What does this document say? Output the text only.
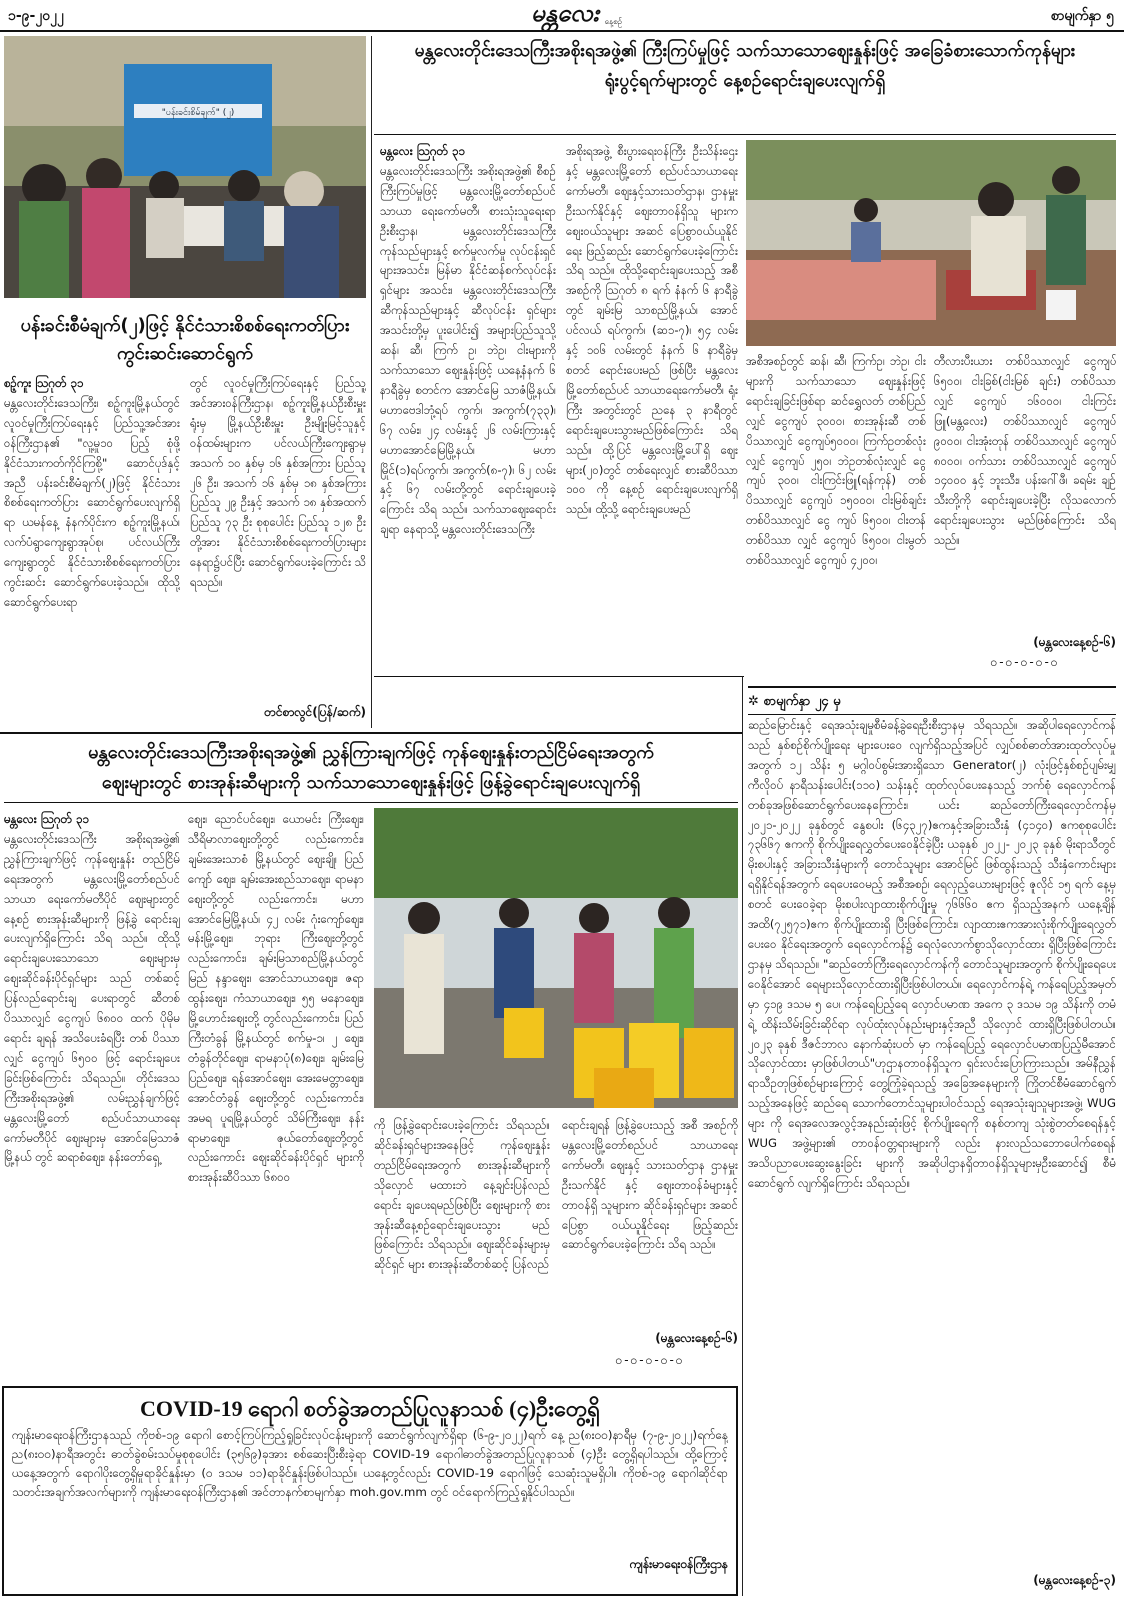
၁-၉-၂၀၂၂	မန္တလေး နေ့စဉ်	စာမျက်နှာ ၅
"ပန်းခင်းစိမ်ချက်" (၂)
ပန်းခင်းစီမံချက်(၂)ဖြင့် နိုင်ငံသားစိစစ်ရေးကတ်ပြား
ကွင်းဆင်းဆောင်ရွက်
စဉ့်ကူး ဩဂုတ် ၃၁
မန္တလေးတိုင်းဒေသကြီး၊ စဉ့်ကူးမြို့နယ်တွင် လူဝင်မှုကြီးကြပ်ရေးနှင့် ပြည်သူ့အင်အားဝန်ကြီးဌာန၏ "လူ့မှု၁၀ ပြည့် စုံဖို့ နိုင်ငံသားကတ်ကိုင်ကြစို့" ဆောင်ပုဒ်နှင့်အညီ ပန်းခင်းစီမံချက်(၂)ဖြင့် နိုင်ငံသားစိစစ်ရေးကတ်ပြား ဆောင်ရွက်ပေးလျက်ရှိရာ ယမန်နေ့ နံနက်ပိုင်းက စဉ့်ကူးမြို့နယ်၊ လက်ပံရွာကျေးရွာအုပ်စု၊ ပင်လယ်ကြီးကျေးရွာတွင် နိုင်ငံသားစိစစ်ရေးကတ်ပြား ကွင်းဆင်း ဆောင်ရွက်ပေးခဲ့သည်။ ထိုသို့ ဆောင်ရွက်ပေးရာ
တွင် လူဝင်မှုကြီးကြပ်ရေးနှင့် ပြည်သူ့အင်အားဝန်ကြီးဌာန၊ စဉ့်ကူးမြို့နယ်ဦးစီးမှူးရုံးမှ မြို့နယ်ဦးစီးမှူး ဦးမျိုးမြင့်သူနှင့် ဝန်ထမ်းများက ပင်လယ်ကြီးကျေးရွာမှ အသက် ၁၀ နှစ်မှ ၁၆ နှစ်အကြား ပြည်သူ ၂၆ ဦး၊ အသက် ၁၆ နှစ်မှ ၁၈ နှစ်အကြား ပြည်သူ ၂၉ ဦးနှင့် အသက် ၁၈ နှစ်အထက် ပြည်သူ ၇၃ ဦး စုစုပေါင်း ပြည်သူ ၁၂၈ ဦးတို့အား နိုင်ငံသားစိစစ်ရေးကတ်ပြားများ နေရာ၌ပင်ပြီး ဆောင်ရွက်ပေးခဲ့ကြောင်း သိရသည်။
တင်စာလွင်(ပြန်/ဆက်)
မန္တလေးတိုင်းဒေသကြီးအစိုးရအဖွဲ့၏ ကြီးကြပ်မှုဖြင့် သက်သာသောဈေးနှုန်းဖြင့် အခြေခံစားသောက်ကုန်များ
ရုံးပွင့်ရက်များတွင် နေ့စဉ်ရောင်းချပေးလျက်ရှိ
မန္တလေး ဩဂုတ် ၃၁
မန္တလေးတိုင်းဒေသကြီး အစိုးရအဖွဲ့၏ စီစဉ်ကြီးကြပ်မှုဖြင့် မန္တလေးမြို့တော်စည်ပင်သာယာ ရေးကော်မတီ၊ စားသုံးသူရေးရာ ဦးစီးဌာန၊ မန္တလေးတိုင်းဒေသကြီး ကုန်သည်များနှင့် စက်မှုလက်မှု လုပ်ငန်းရှင်များအသင်း၊ မြန်မာ နိုင်ငံဆန်စက်လုပ်ငန်းရှင်များ အသင်း၊ မန္တလေးတိုင်းဒေသကြီး ဆီကုန်သည်များနှင့် ဆီလုပ်ငန်း ရှင်များအသင်းတို့မှ ပူးပေါင်း၍ အများပြည်သူသို့ ဆန်၊ ဆီ၊ ကြက် ဥ၊ ဘဲဥ၊ ငါးများကို သက်သာသော ဈေးနှုန်းဖြင့် ယနေ့နံနက် ၆ နာရီခွဲမှ စတင်က အောင်မြေ သာဇံမြို့နယ်၊ မဟာဗေဒါဘုံ့ရပ် ကွက်၊ အကွက်(၇၃၃)၊ ၆၇ လမ်း၊ ၂၄ လမ်းနှင့် ၂၆ လမ်းကြားနှင့် မဟာအောင်မြေမြို့နယ်၊ မဟာ မြိုင်(၁)ရပ်ကွက်၊ အကွက်(၈-၇)၊ ၆၂ လမ်းနှင့် ၆၇ လမ်းတို့တွင် ရောင်းချပေးခဲ့ကြောင်း သိရ သည်။ သက်သာဈေးရောင်းချရာ နေရာသို့ မန္တလေးတိုင်းဒေသကြီး
အစိုးရအဖွဲ့ စီးပွားရေးဝန်ကြီး ဦးသိန်းဌေးနှင့် မန္တလေးမြို့တော် စည်ပင်သာယာရေးကော်မတီ၊ ဈေးနှင့်သားသတ်ဌာန၊ ဌာနမှူး ဦးသက်နိုင်နှင့် ဈေးတာဝန်ရှိသူ များက ဈေးဝယ်သူများ အဆင် ပြေစွာဝယ်ယူနိုင်ရေး ဖြည့်ဆည်း ဆောင်ရွက်ပေးခဲ့ကြောင်း သိရ သည်။ ထိုသို့ရောင်းချပေးသည့် အစီ အစဉ်ကို ဩဂုတ် ၈ ရက် နံနက် ၆ နာရီခွဲတွင် ချမ်းမြ သာစည်မြို့နယ်၊ အောင်ပင်လယ် ရပ်ကွက်၊ (ဆ၁-၇)၊ ၅၄ လမ်း နှင့် ၁၀၆ လမ်းတွင် နံနက် ၆ နာရီခွဲမှစတင် ရောင်းပေးမည် ဖြစ်ပြီး မန္တလေးမြို့တော်စည်ပင် သာယာရေးကော်မတီ၊ ရုံးကြီး အတွင်းတွင် ညနေ ၃ နာရီတွင် ရောင်းချပေးသွားမည်ဖြစ်ကြောင်း သိရသည်။ ထို့ပြင် မန္တလေးမြို့ပေါ်ရှိ ဈေးများ(၂၀)တွင် တစ်ရေးလျှင် စားဆီပိဿာ ၁၀၀ ကို နေ့စဉ် ရောင်းချပေးလျက်ရှိသည်။ ထို့သို့ ရောင်းချပေးမည်
အစီအစဉ်တွင် ဆန်၊ ဆီ၊ ကြက်ဥ၊ ဘဲဥ၊ ငါးများကို သက်သာသော ဈေးနှုန်းဖြင့် ရောင်းချခြင်းဖြစ်ရာ ဆင်ရွှေလတ် တစ်ပြည်လျှင် ငွေကျပ် ၃၀၀၀၊ စားအုန်းဆီ တစ် ပိဿာလျှင် ငွေကျပ်၅၀၀၀၊ ကြက်ဥတစ်လုံးလျှင် ငွေကျပ် ၂၅၀၊ ဘဲဥတစ်လုံးလျှင် ငွေကျပ် ၃၀၀၊ ငါးကြင်းဖြူ(ရန်ကုန်) တစ် ပိဿာလျှင် ငွေကျပ် ၁၅၀၀၀၊ ငါးမြစ်ချင်း တစ်ပိဿာလျှင် ငွေ ကျပ် ၆၅၀၀၊ ငါးတန်တစ်ပိဿာ လျှင် ငွေကျပ် ၆၅၀၀၊ ငါးမွတ် တစ်ပိဿာလျှင် ငွေကျပ် ၄၂၀၀၊
တီလားပီးယား တစ်ပိဿာလျှင် ငွေကျပ် ၆၅၀၀၊ ငါးခြစ်(ငါးမြစ် ချင်း) တစ်ပိဿာလျှင် ငွေကျပ် ၁၆၀၀၀၊ ငါးကြင်းဖြူ(မန္တလေး) တစ်ပိဿာလျှင် ငွေကျပ် ၉၀၀၀၊ ငါးအုံးတုန် တစ်ပိဿာလျှင် ငွေကျပ် ၈၀၀၀၊ ဝက်သား တစ်ပိဿာလျှင် ငွေကျပ် ၁၄၀၀၀ နှင့် ဘူးသီး၊ ပန်းဂေါ်ဖီ၊ ခရမ်း ချဉ်သီးတို့ကို ရောင်းချပေးခဲ့ပြီး လိုသလောက် ရောင်းချပေးသွား မည်ဖြစ်ကြောင်း သိရသည်။
(မန္တလေးနေ့စဉ်-၆)
၀-၀-၀-၀-၀
✲ စာမျက်နှာ ၂၄ မှ
ဆည်မြောင်းနှင့် ရေအသုံးချမှုစီမံခန့်ခွဲရေးဦးစီးဌာနမှ သိရသည်။ အဆိုပါရေလှောင်ကန်သည် နှစ်စဉ်စိုက်ပျိုးရေး များပေးဝေ လျက်ရှိသည့်အပြင် လျှပ်စစ်ဓာတ်အားထုတ်လုပ်မှုအတွက် ၁၂ သိန်း ၅ မဂ္ဂါဝပ်စွမ်းအားရှိသော Generator(၂) လုံးဖြင့်နှစ်စဉ်ပျမ်းမျှ ကီလိုဝပ် နာရီသန်းပေါင်း(၁၁၀) သန်းနှင့် ထုတ်လုပ်ပေးနေသည့် ဘက်စုံ ရေလှောင်ကန် တစ်ခုအဖြစ်ဆောင်ရွက်ပေးနေကြောင်း၊ ယင်း ဆည်တော်ကြီးရေလှောင်ကန်မှ ၂၀၂၁-၂၀၂၂ ခုနှစ်တွင် နွေစပါး (၆၄၃၂၇)ဧကနှင့်အခြားသီးနှံ (၄၁၄၀) ဧကစုစုပေါင်း ၇၃၆၆၇ ဧကကို စိုက်ပျိုးရေလွှတ်ပေးဝေနိုင်ခဲ့ပြီး ယခုနှစ် ၂၀၂၂- ၂၀၂၃ ခုနှစ် မိုးရာသီတွင်မိုးစပါးနှင့် အခြားသီးနှံများကို တောင်သူများ အောင်မြင် ဖြစ်ထွန်းသည့် သီးနှံကောင်းများရရှိနိုင်ရန်အတွက် ရေပေးဝေမည့် အစီအစဉ်၊ ရေလှည့်ယေားများဖြင့် ဇူလိုင် ၁၅ ရက် နေ့မှစတင် ပေးဝေခဲ့ရာ မိုးစပါးလျာထားစိုက်ပျိုးမှု ၇၆၆၆၀ ဧက ရှိသည့်အနက် ယနေ့ချိန်အထိ(၇၂၅၇၁)ဧက စိုက်ပျိုးထားရှိ ပြီးဖြစ်ကြောင်း၊ လျာထားဧကအားလုံးစိုက်ပျိုးရေလွှတ်ပေးဝေ နိုင်ရေးအတွက် ရေလှောင်ကန်၌ ရေလုံလောက်စွာသိုလှောင်ထား ရှိပြီးဖြစ်ကြောင်း ဌာနမှ သိရသည်။ "ဆည်တော်ကြီးရေလှောင်ကန်ကို တောင်သူများအတွက် စိုက်ပျိုးရေပေးဝေနိုင်အောင် ရေများသိုလှောင်ထားရှိပြီးဖြစ်ပါတယ်။ ရေလှောင်ကန်ရဲ့ ကန်ရေပြည့်အမှတ်မှာ ၄၁၉ ဒသမ ၅ ပေ၊ ကန်ရေပြည့်ရေ လှောင်ပမာဏ အကေ ၃ ဒသမ ၁၉ သိန်းကို တမံရဲ့ ထိန်းသိမ်းခြင်းဆိုင်ရာ လုပ်ထုံးလုပ်နည်းများနှင့်အညီ သိုလှောင် ထားရှိပြီးဖြစ်ပါတယ်။ ၂၀၂၃ ခုနှစ် ဒီဇင်ဘာလ နောက်ဆုံးပတ် မှာ ကန်ရေပြည့် ရေလှောင်ပမာဏပြည့်မီအောင် သိုလှောင်ထား မှာဖြစ်ပါတယ်"ဟုဌာနတာဝန်ရှိသူက ရှင်းလင်းပြောကြားသည်။ အမ်နီညွှန်ရာသီဥတုဖြစ်စဉ်များကြောင့် တွေ့ကြုံခဲ့ရသည့် အခြေအနေများကို ကြိုတင်စီမံဆောင်ရွက်သည့်အနေဖြင့် ဆည်ရေ သောက်တောင်သူများပါဝင်သည့် ရေအသုံးချသူများအဖွဲ့၊ WUG များ ကို ရေအလေအလွင့်အနည်းဆုံးဖြင့် စိုက်ပျိုးရေကို စနစ်တကျ သုံးစွဲတတ်စေရန်နှင့် WUG အဖွဲ့များ၏ တာဝန်ဝတ္တရားများကို လည်း နားလည်သဘောပေါက်စေရန် အသိပညာပေးဆွေးနွေးခြင်း များကို အဆိုပါဌာနရှိတာဝန်ရှိသူများမှဦးဆောင်၍ စီမံဆောင်ရွက် လျက်ရှိကြောင်း သိရသည်။
(မန္တလေးနေ့စဉ်-၃)
မန္တလေးတိုင်းဒေသကြီးအစိုးရအဖွဲ့၏ ညွှန်ကြားချက်ဖြင့် ကုန်ဈေးနှုန်းတည်ငြိမ်ရေးအတွက်
ဈေးများတွင် စားအုန်းဆီများကို သက်သာသောဈေးနှုန်းဖြင့် ဖြန့်ခွဲရောင်းချပေးလျက်ရှိ
မန္တလေး ဩဂုတ် ၃၁
မန္တလေးတိုင်းဒေသကြီး အစိုးရအဖွဲ့၏ ညွှန်ကြားချက်ဖြင့် ကုန်ဈေးနှုန်း တည်ငြိမ်ရေးအတွက် မန္တလေးမြို့တော်စည်ပင်သာယာ ရေးကော်မတီပိုင် ဈေးများတွင် နေ့စဉ် စားအုန်းဆီများကို ဖြန့်ခွဲ ရောင်းချပေးလျက်ရှိကြောင်း သိရ သည်။ ထိုသို့ရောင်းချပေးသောသော ဈေးများမှ ဈေးဆိုင်ခန်းပိုင်ရှင်များ သည် တစ်ဆင့်ပြန်လည်ရောင်းချ ပေးရာတွင် ဆီတစ်ပိဿာလျှင် ငွေကျပ် ၆၈၀၀ ထက် ပိုမိုမရောင်း ချရန် အသိပေးခံရပြီး တစ် ပိဿာလျှင် ငွေကျပ် ၆၅၀၀ ဖြင့် ရောင်းချပေးခြင်းဖြစ်ကြောင်း သိရသည်။ တိုင်းဒေသကြီးအစိုးရအဖွဲ့၏ လမ်းညွှန်ချက်ဖြင့် မန္တလေးမြို့တော် စည်ပင်သာယာရေးကော်မတီပိုင် ဈေးများမှ အောင်မြေသာဇံမြို့နယ် တွင် ဆရာစံဈေး၊ နန်းတော်ရှေ့
ဈေး၊ ညောင်ပင်ဈေး၊ ယောမင်း ကြီးဈေး၊ သီရိမာလာဈေးတို့တွင် လည်းကောင်း၊ ချမ်းအေးသာစံ မြို့နယ်တွင် ဈေးချို၊ ပြည်ကျော် ဈေး၊ ချမ်းအေးစည်သာဈေး၊ ရာမနာဈေးတို့တွင် လည်းကောင်း၊ မဟာအောင်မြေမြို့နယ်၊ ၄၂ လမ်း ဂုံးကျော်ဈေး၊ မန်းမြို့ဈေး၊ ဘုရား ကြီးဈေးတို့တွင် လည်းကောင်း၊ ချမ်းမြသာစည်မြို့နယ်တွင် မြည် နန္ဒာဈေး၊ အောင်သာယာဈေး၊ ဇရာထွန်းဈေး၊ ကံသာယာဈေး၊ ၅၅ မနောဈေး၊ မြို့ဟောင်းဈေးတို့ တွင်လည်းကောင်း၊ ပြည်ကြီးတံခွန် မြို့နယ်တွင် စက်မှု-၁၊ ၂ ဈေး၊ တံခွန်တိုင်ဈေး၊ ရာမနာပုံ(၈)ဈေး၊ ချမ်းမြေပြည်ဈေး၊ ရန်အောင်ဈေး၊ အေးမေတ္တာဈေး၊ အောင်တံခွန် ဈေးတို့တွင် လည်းကောင်း၊ အမရ ပူရမြို့နယ်တွင် သိမ်ကြီးဈေး၊ နန်း ရာမာဈေး၊ ဇုယ်တော်ဈေးတို့တွင် လည်းကောင်း ဈေးဆိုင်ခန်းပိုင်ရှင် များကို စားအုန်းဆီပိဿာ ၆၈၀၀
ကို ဖြန့်ခွဲရောင်းပေးခဲ့ကြောင်း သိရသည်။ ဆိုင်ခန်းရှင်များအနေဖြင့် ကုန်ဈေးနှုန်းတည်ငြိမ်ရေးအတွက် စားအုန်းဆီများကို သိုလှောင် မထားဘဲ နေ့ချင်းပြန်လည်ရောင်း ချပေးရမည်ဖြစ်ပြီး ဈေးများကို စားအုန်းဆီနေ့စဉ်ရောင်းချပေးသွား မည်ဖြစ်ကြောင်း သိရသည်။ ဈေးဆိုင်ခန်းများမှ ဆိုင်ရှင် များ စားအုန်းဆီတစ်ဆင့် ပြန်လည်
ရောင်းချရန် ဖြန့်ခွဲပေးသည့် အစီ အစဉ်ကို မန္တလေးမြို့တော်စည်ပင် သာယာရေးကော်မတီ၊ ဈေးနှင့် သားသတ်ဌာန ဌာနမှူး ဦးသက်နိုင် နှင့် ဈေးတာဝန်ခံများနှင့် တာဝန်ရှိ သူများက ဆိုင်ခန်းရှင်များ အဆင် ပြေစွာ ဝယ်ယူနိုင်ရေး ဖြည့်ဆည်း ဆောင်ရွက်ပေးခဲ့ကြောင်း သိရ သည်။
(မန္တလေးနေ့စဉ်-၆)
၀-၀-၀-၀-၀
COVID-19 ရောဂါ စတ်ခွဲအတည်ပြုလူနာသစ် (၄)ဦးတွေ့ရှိ
ကျန်းမာရေးဝန်ကြီးဌာနသည် ကိုဗစ်-၁၉ ရောဂါ စောင့်ကြပ်ကြည့်ရှုခြင်းလုပ်ငန်းများကို ဆောင်ရွက်လျက်ရှိရာ (၆-၉-၂၀၂၂)ရက် နေ့ ည(၈း၀၀)နာရီမှ (၇-၉-၂၀၂၂)ရက်နေ့ ည(၈း၀၀)နာရီအတွင်း ဓာတ်ခွဲစမ်းသပ်မှုစုစုပေါင်း (၃၅၆၉)ခုအား စစ်ဆေးပြီးစီးခဲ့ရာ COVID-19 ရောဂါဓာတ်ခွဲအတည်ပြုလူနာသစ် (၄)ဦး တွေ့ရှိရပါသည်။ ထို့ကြောင့် ယနေ့အတွက် ရောဂါပိုးတွေ့ရှိမှုရာခိုင်နှုန်းမှာ (၀ ဒသမ ၁၁)ရာခိုင်နှုန်းဖြစ်ပါသည်။ ယနေ့တွင်လည်း COVID-19 ရောဂါဖြင့် သေဆုံးသူမရှိပါ။ ကိုဗစ်-၁၉ ရောဂါဆိုင်ရာ သတင်းအချက်အလက်များကို ကျန်းမာရေးဝန်ကြီးဌာန၏ အင်တာနက်စာမျက်နှာ moh.gov.mm တွင် ဝင်ရောက်ကြည့်ရှုနိုင်ပါသည်။
ကျန်းမာရေးဝန်ကြီးဌာန
